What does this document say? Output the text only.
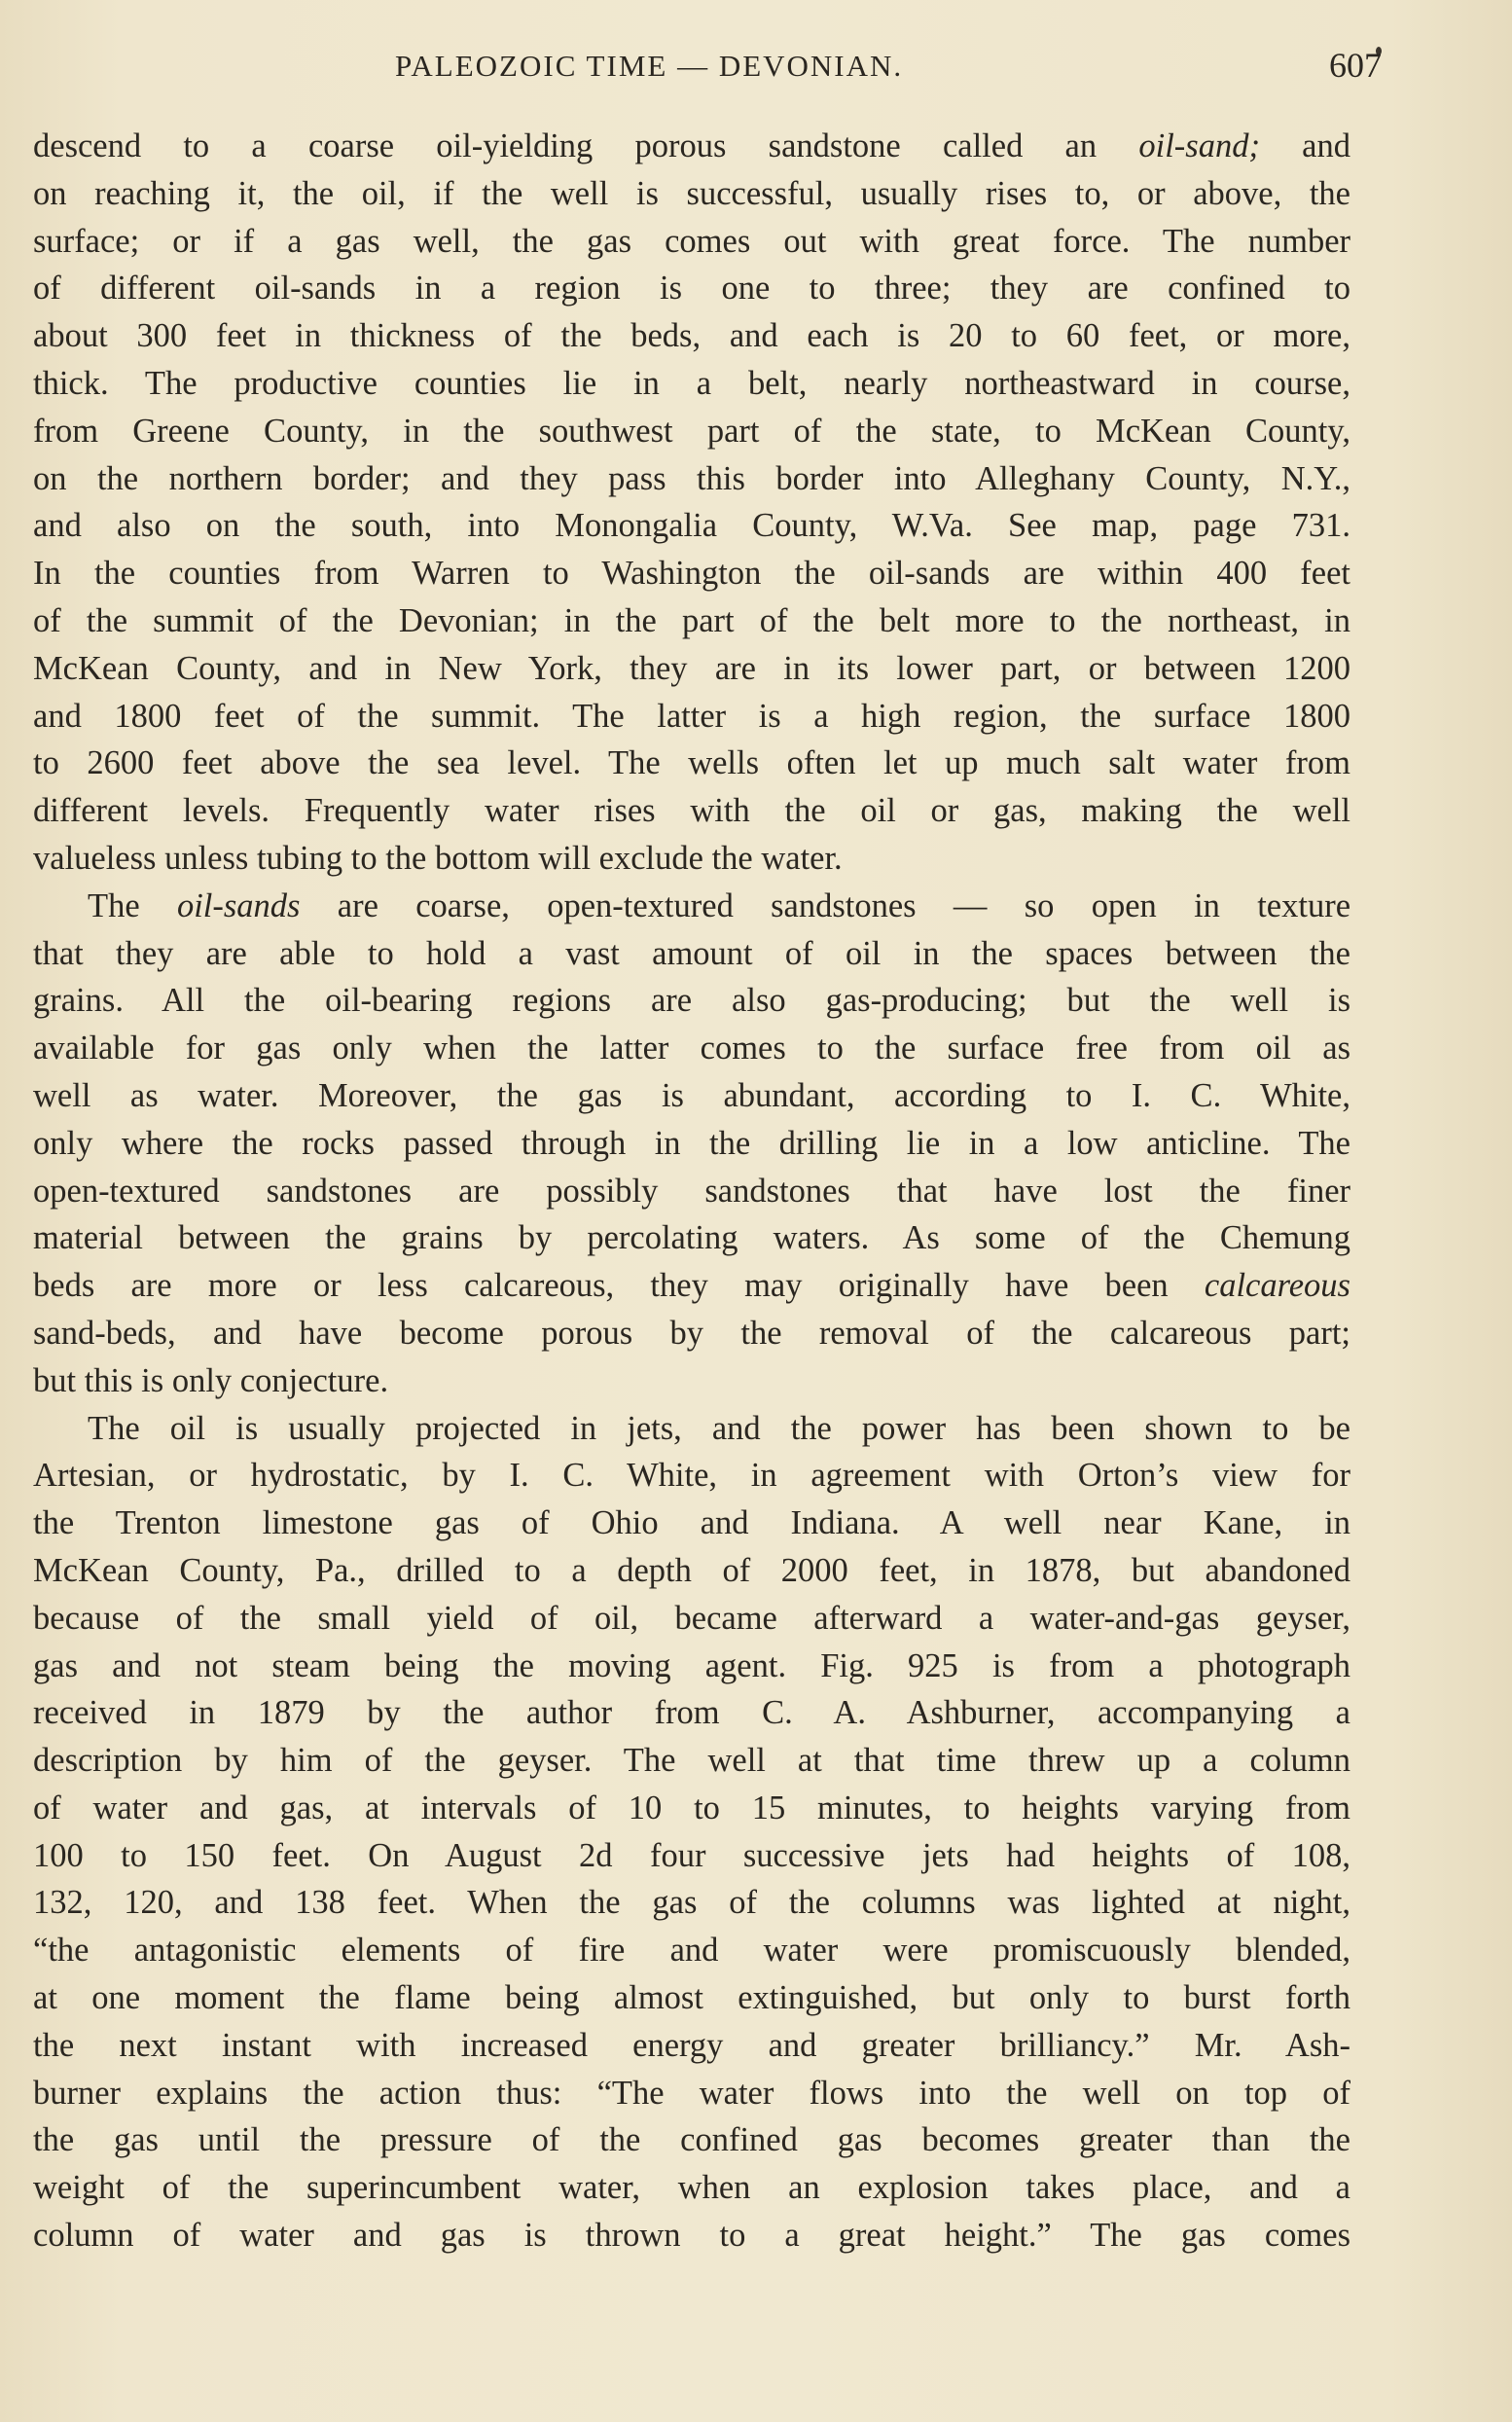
PALEOZOIC TIME — DEVONIAN.	607
descend to a coarse oil-yielding porous sandstone called an oil-sand; and
on reaching it, the oil, if the well is successful, usually rises to, or above, the
surface; or if a gas well, the gas comes out with great force. The number
of different oil-sands in a region is one to three; they are confined to
about 300 feet in thickness of the beds, and each is 20 to 60 feet, or more,
thick. The productive counties lie in a belt, nearly northeastward in course,
from Greene County, in the southwest part of the state, to McKean County,
on the northern border; and they pass this border into Alleghany County, N.Y.,
and also on the south, into Monongalia County, W.Va. See map, page 731.
In the counties from Warren to Washington the oil-sands are within 400 feet
of the summit of the Devonian; in the part of the belt more to the northeast, in
McKean County, and in New York, they are in its lower part, or between 1200
and 1800 feet of the summit. The latter is a high region, the surface 1800
to 2600 feet above the sea level. The wells often let up much salt water from
different levels. Frequently water rises with the oil or gas, making the well
valueless unless tubing to the bottom will exclude the water.
The oil-sands are coarse, open-textured sandstones — so open in texture
that they are able to hold a vast amount of oil in the spaces between the
grains. All the oil-bearing regions are also gas-producing; but the well is
available for gas only when the latter comes to the surface free from oil as
well as water. Moreover, the gas is abundant, according to I. C. White,
only where the rocks passed through in the drilling lie in a low anticline. The
open-textured sandstones are possibly sandstones that have lost the finer
material between the grains by percolating waters. As some of the Chemung
beds are more or less calcareous, they may originally have been calcareous
sand-beds, and have become porous by the removal of the calcareous part;
but this is only conjecture.
The oil is usually projected in jets, and the power has been shown to be
Artesian, or hydrostatic, by I. C. White, in agreement with Orton’s view for
the Trenton limestone gas of Ohio and Indiana. A well near Kane, in
McKean County, Pa., drilled to a depth of 2000 feet, in 1878, but abandoned
because of the small yield of oil, became afterward a water-and-gas geyser,
gas and not steam being the moving agent. Fig. 925 is from a photograph
received in 1879 by the author from C. A. Ashburner, accompanying a
description by him of the geyser. The well at that time threw up a column
of water and gas, at intervals of 10 to 15 minutes, to heights varying from
100 to 150 feet. On August 2d four successive jets had heights of 108,
132, 120, and 138 feet. When the gas of the columns was lighted at night,
“the antagonistic elements of fire and water were promiscuously blended,
at one moment the flame being almost extinguished, but only to burst forth
the next instant with increased energy and greater brilliancy.” Mr. Ash-
burner explains the action thus: “The water flows into the well on top of
the gas until the pressure of the confined gas becomes greater than the
weight of the superincumbent water, when an explosion takes place, and a
column of water and gas is thrown to a great height.” The gas comes
